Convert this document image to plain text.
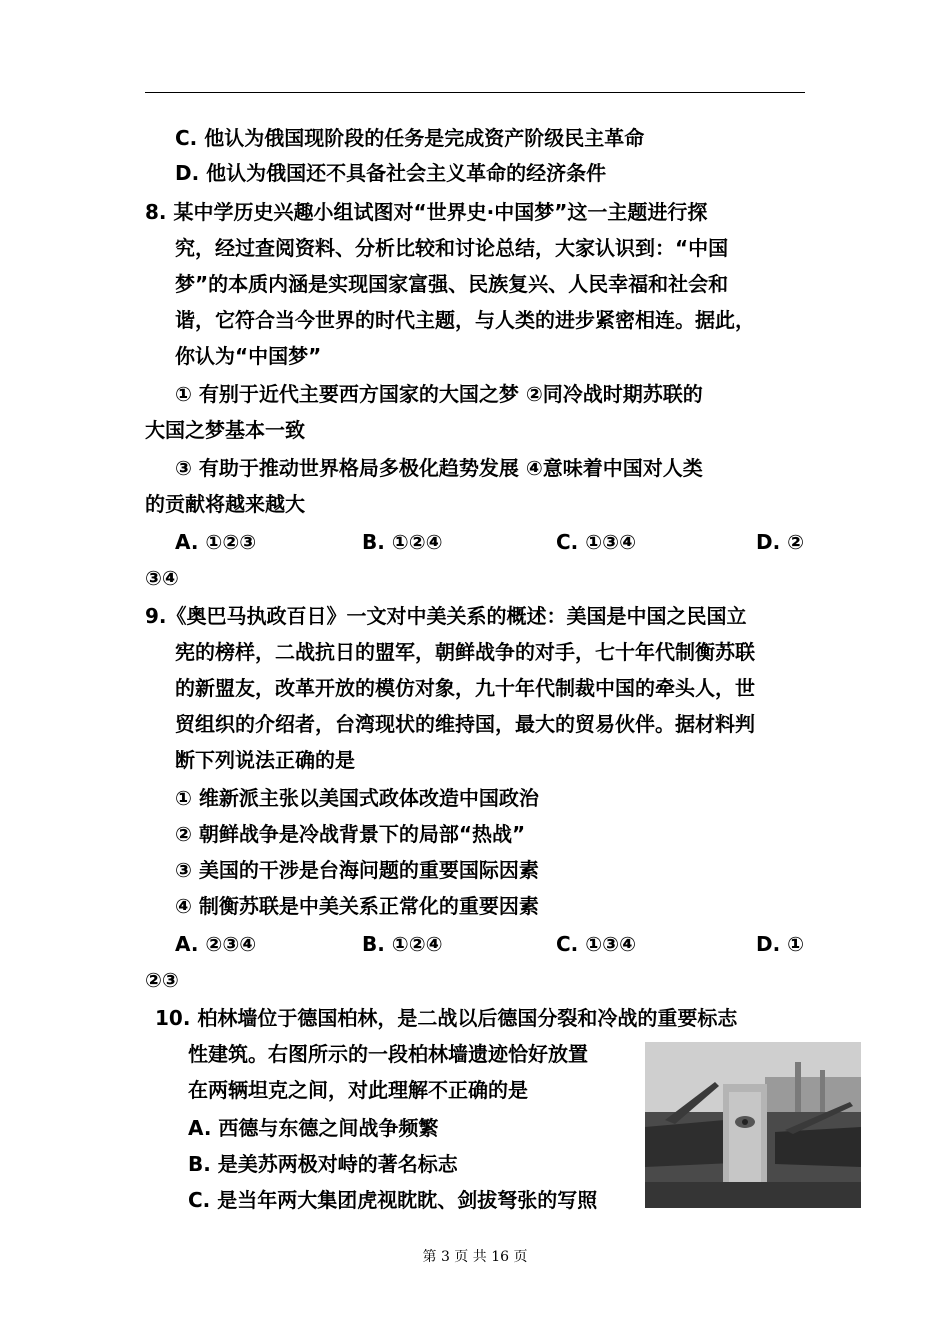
C. 他认为俄国现阶段的任务是完成资产阶级民主革命
D. 他认为俄国还不具备社会主义革命的经济条件
8. 某中学历史兴趣小组试图对“世界史·中国梦”这一主题进行探
究，经过查阅资料、分析比较和讨论总结，大家认识到：“中国
梦”的本质内涵是实现国家富强、民族复兴、人民幸福和社会和
谐，它符合当今世界的时代主题，与人类的进步紧密相连。据此，
你认为“中国梦”
① 有别于近代主要西方国家的大国之梦 ②同冷战时期苏联的
大国之梦基本一致
③ 有助于推动世界格局多极化趋势发展 ④意味着中国对人类
的贡献将越来越大
A. ①②③	B. ①②④	C. ①③④	D. ②
③④
9.《奥巴马执政百日》一文对中美关系的概述：美国是中国之民国立
宪的榜样，二战抗日的盟军，朝鲜战争的对手，七十年代制衡苏联
的新盟友，改革开放的模仿对象，九十年代制裁中国的牵头人，世
贸组织的介绍者，台湾现状的维持国，最大的贸易伙伴。据材料判
断下列说法正确的是
① 维新派主张以美国式政体改造中国政治
② 朝鲜战争是冷战背景下的局部“热战”
③ 美国的干涉是台海问题的重要国际因素
④ 制衡苏联是中美关系正常化的重要因素
A. ②③④	B. ①②④	C. ①③④	D. ①
②③
10. 柏林墙位于德国柏林，是二战以后德国分裂和冷战的重要标志
性建筑。右图所示的一段柏林墙遗迹恰好放置
在两辆坦克之间，对此理解不正确的是
A. 西德与东德之间战争频繁
B. 是美苏两极对峙的著名标志
C. 是当年两大集团虎视眈眈、剑拔弩张的写照
第 3 页 共 16 页
